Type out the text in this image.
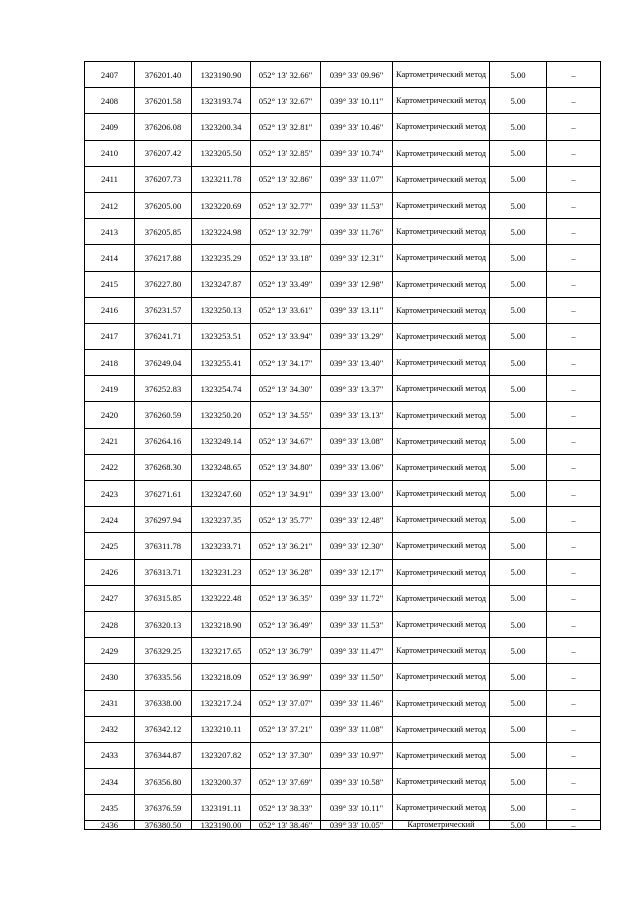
2407	376201.40	1323190.90	052° 13' 32.66"	039° 33' 09.96"	Картометрический метод	5.00	–
2408	376201.58	1323193.74	052° 13' 32.67"	039° 33' 10.11"	Картометрический метод	5.00	–
2409	376206.08	1323200.34	052° 13' 32.81"	039° 33' 10.46"	Картометрический метод	5.00	–
2410	376207.42	1323205.50	052° 13' 32.85"	039° 33' 10.74"	Картометрический метод	5.00	–
2411	376207.73	1323211.78	052° 13' 32.86"	039° 33' 11.07"	Картометрический метод	5.00	–
2412	376205.00	1323220.69	052° 13' 32.77"	039° 33' 11.53"	Картометрический метод	5.00	–
2413	376205.85	1323224.98	052° 13' 32.79"	039° 33' 11.76"	Картометрический метод	5.00	–
2414	376217.88	1323235.29	052° 13' 33.18"	039° 33' 12.31"	Картометрический метод	5.00	–
2415	376227.80	1323247.87	052° 13' 33.49"	039° 33' 12.98"	Картометрический метод	5.00	–
2416	376231.57	1323250.13	052° 13' 33.61"	039° 33' 13.11"	Картометрический метод	5.00	–
2417	376241.71	1323253.51	052° 13' 33.94"	039° 33' 13.29"	Картометрический метод	5.00	–
2418	376249.04	1323255.41	052° 13' 34.17"	039° 33' 13.40"	Картометрический метод	5.00	–
2419	376252.83	1323254.74	052° 13' 34.30"	039° 33' 13.37"	Картометрический метод	5.00	–
2420	376260.59	1323250.20	052° 13' 34.55"	039° 33' 13.13"	Картометрический метод	5.00	–
2421	376264.16	1323249.14	052° 13' 34.67"	039° 33' 13.08"	Картометрический метод	5.00	–
2422	376268.30	1323248.65	052° 13' 34.80"	039° 33' 13.06"	Картометрический метод	5.00	–
2423	376271.61	1323247.60	052° 13' 34.91"	039° 33' 13.00"	Картометрический метод	5.00	–
2424	376297.94	1323237.35	052° 13' 35.77"	039° 33' 12.48"	Картометрический метод	5.00	–
2425	376311.78	1323233.71	052° 13' 36.21"	039° 33' 12.30"	Картометрический метод	5.00	–
2426	376313.71	1323231.23	052° 13' 36.28"	039° 33' 12.17"	Картометрический метод	5.00	–
2427	376315.85	1323222.48	052° 13' 36.35"	039° 33' 11.72"	Картометрический метод	5.00	–
2428	376320.13	1323218.90	052° 13' 36.49"	039° 33' 11.53"	Картометрический метод	5.00	–
2429	376329.25	1323217.65	052° 13' 36.79"	039° 33' 11.47"	Картометрический метод	5.00	–
2430	376335.56	1323218.09	052° 13' 36.99"	039° 33' 11.50"	Картометрический метод	5.00	–
2431	376338.00	1323217.24	052° 13' 37.07"	039° 33' 11.46"	Картометрический метод	5.00	–
2432	376342.12	1323210.11	052° 13' 37.21"	039° 33' 11.08"	Картометрический метод	5.00	–
2433	376344.87	1323207.82	052° 13' 37.30"	039° 33' 10.97"	Картометрический метод	5.00	–
2434	376356.80	1323200.37	052° 13' 37.69"	039° 33' 10.58"	Картометрический метод	5.00	–
2435	376376.59	1323191.11	052° 13' 38.33"	039° 33' 10.11"	Картометрический метод	5.00	–
2436	376380.50	1323190.00	052° 13' 38.46"	039° 33' 10.05"	Картометрический	5.00	–
